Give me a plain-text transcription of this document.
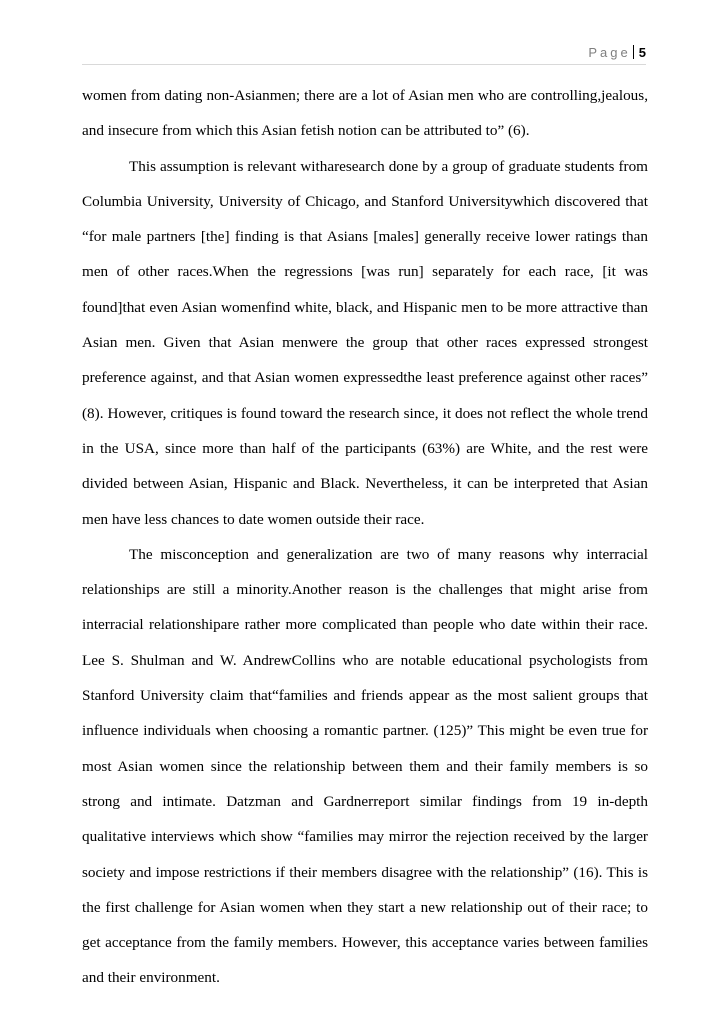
Page 5

women from dating non-Asianmen; there are a lot of Asian men who are controlling,jealous, and insecure from which this Asian fetish notion can be attributed to” (6).

This assumption is relevant witharesearch done by a group of graduate students from Columbia University, University of Chicago, and Stanford Universitywhich discovered that “for male partners [the] finding is that Asians [males] generally receive lower ratings than men of other races.When the regressions [was run] separately for each race, [it was found]that even Asian womenfind white, black, and Hispanic men to be more attractive than Asian men. Given that Asian menwere the group that other races expressed strongest preference against, and that Asian women expressedthe least preference against other races” (8). However, critiques is found toward the research since, it does not reflect the whole trend in the USA, since more than half of the participants (63%) are White, and the rest were divided between Asian, Hispanic and Black. Nevertheless, it can be interpreted that Asian men have less chances to date women outside their race.

The misconception and generalization are two of many reasons why interracial relationships are still a minority.Another reason is the challenges that might arise from interracial relationshipare rather more complicated than people who date within their race. Lee S. Shulman and W. AndrewCollins who are notable educational psychologists from Stanford University claim that“families and friends appear as the most salient groups that influence individuals when choosing a romantic partner. (125)” This might be even true for most Asian women since the relationship between them and their family members is so strong and intimate. Datzman and Gardnerreport similar findings from 19 in-depth qualitative interviews which show “families may mirror the rejection received by the larger society and impose restrictions if their members disagree with the relationship” (16). This is the first challenge for Asian women when they start a new relationship out of their race; to get acceptance from the family members. However, this acceptance varies between families and their environment.
